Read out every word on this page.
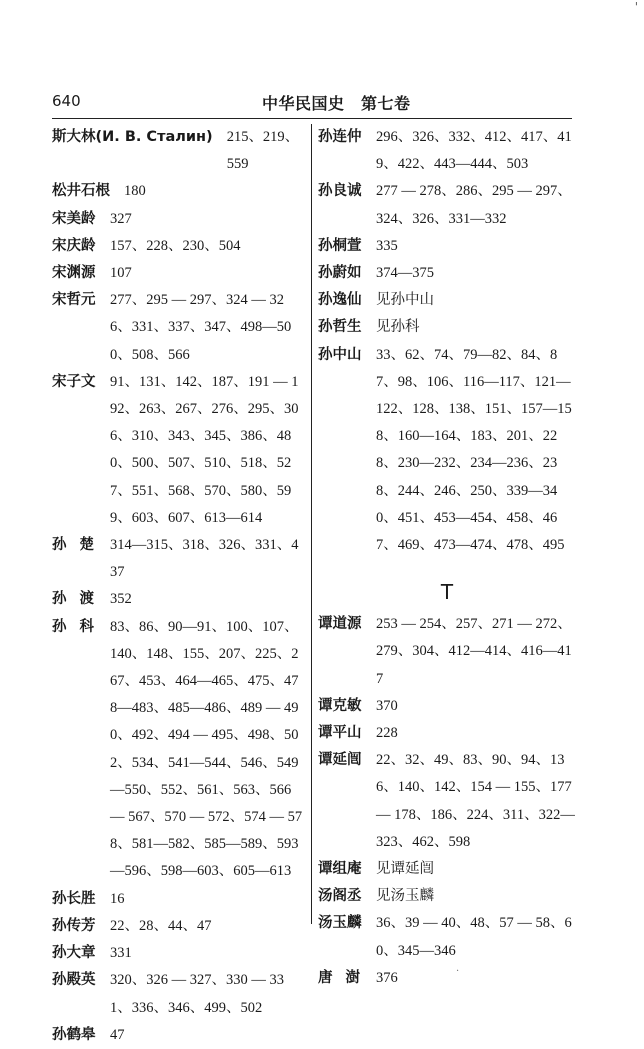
640	中华民国史　第七卷
'
斯大林(И. В. Сталин) 215、219、559
松井石根 180
宋美龄	327
宋庆龄	157、228、230、504
宋渊源	107
宋哲元	277、295 — 297、324 — 326、331、337、347、498—500、508、566
宋子文	91、131、142、187、191 — 192、263、267、276、295、306、310、343、345、386、480、500、507、510、518、527、551、568、570、580、599、603、607、613—614
孙楚 314—315、318、326、331、437
孙渡 352
孙科 83、86、90—91、100、107、140、148、155、207、225、267、453、464—465、475、478—483、485—486、489 — 490、492、494 — 495、498、502、534、541—544、546、549—550、552、561、563、566 — 567、570 — 572、574 — 578、581—582、585—589、593—596、598—603、605—613
孙长胜	16
孙传芳	22、28、44、47
孙大章	331
孙殿英	320、326 — 327、330 — 331、336、346、499、502
孙鹤皋	47
孙连仲	296、326、332、412、417、419、422、443—444、503
孙良诚	277 — 278、286、295 — 297、324、326、331—332
孙桐萱	335
孙蔚如	374—375
孙逸仙	见孙中山
孙哲生	见孙科
孙中山	33、62、74、79—82、84、87、98、106、116—117、121—122、128、138、151、157—158、160—164、183、201、228、230—232、234—236、238、244、246、250、339—340、451、453—454、458、467、469、473—474、478、495
T
谭道源	253 — 254、257、271 — 272、279、304、412—414、416—417
谭克敏	370
谭平山	228
谭延闿	22、32、49、83、90、94、136、140、142、154 — 155、177 — 178、186、224、311、322—323、462、598
谭组庵	见谭延闿
汤阁丞	见汤玉麟
汤玉麟	36、39 — 40、48、57 — 58、60、345—346
唐澍 376	·
